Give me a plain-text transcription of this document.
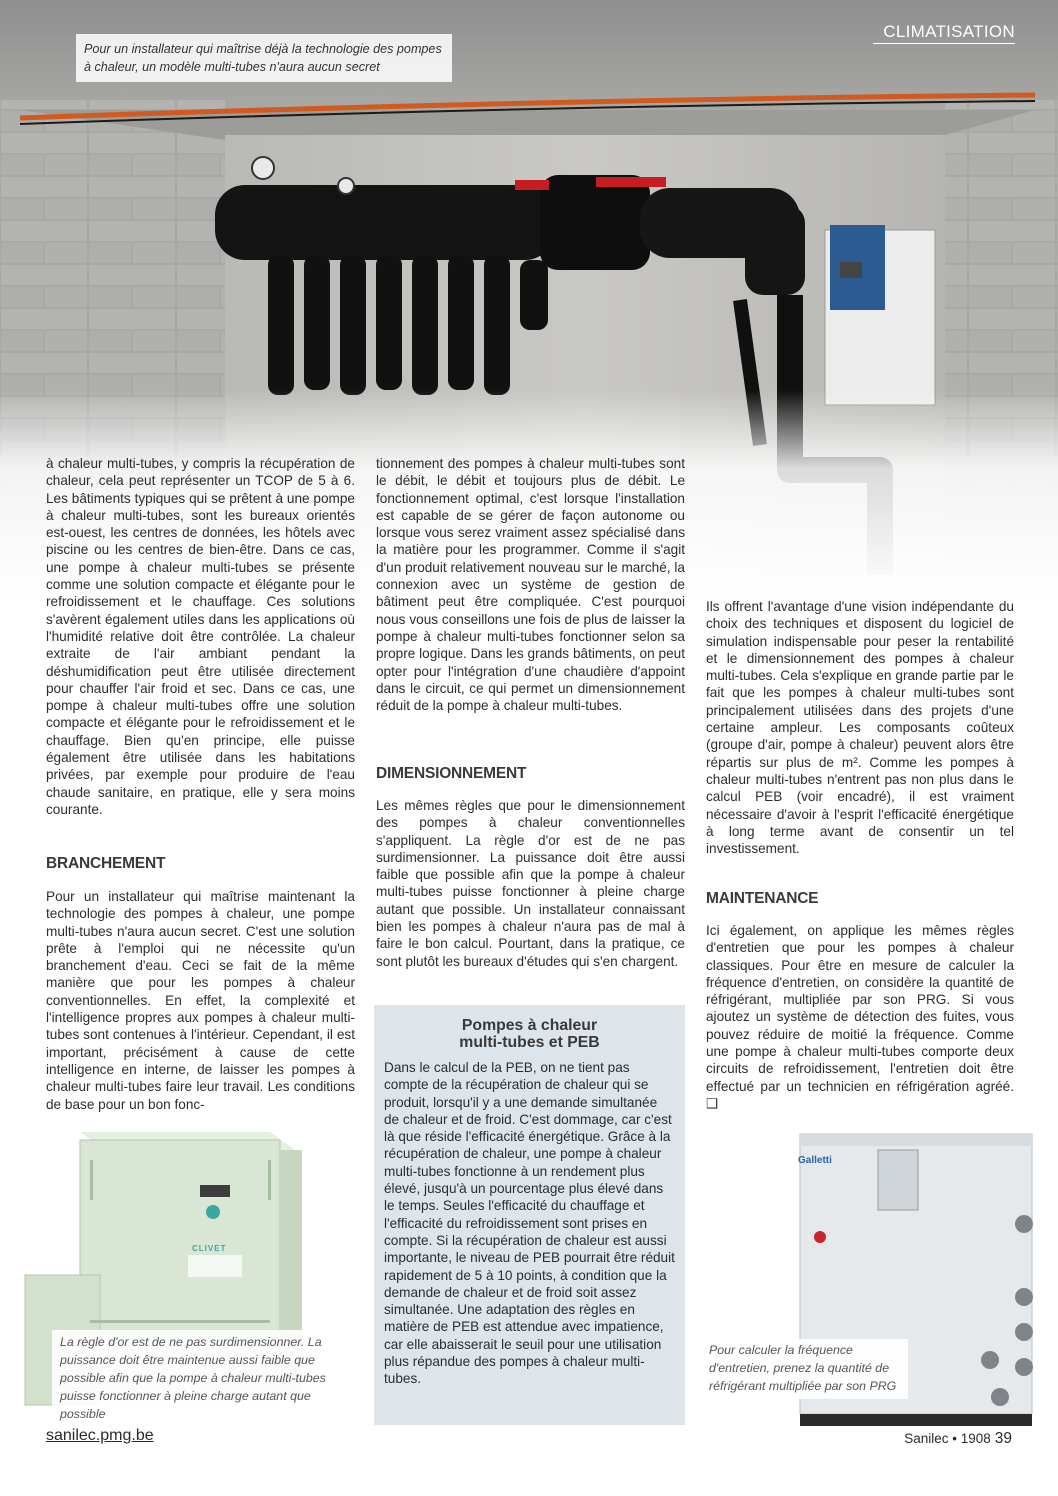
CLIMATISATION
Pour un installateur qui maîtrise déjà la technologie des pompes à chaleur, un modèle multi-tubes n'aura aucun secret

à chaleur multi-tubes, y compris la récupération de chaleur, cela peut représenter un TCOP de 5 à 6. Les bâtiments typiques qui se prêtent à une pompe à chaleur multi-tubes, sont les bureaux orientés est-ouest, les centres de données, les hôtels avec piscine ou les centres de bien-être. Dans ce cas, une pompe à chaleur multi-tubes se présente comme une solution compacte et élégante pour le refroidissement et le chauffage. Ces solutions s'avèrent également utiles dans les applications où l'humidité relative doit être contrôlée. La chaleur extraite de l'air ambiant pendant la déshumidification peut être utilisée directement pour chauffer l'air froid et sec. Dans ce cas, une pompe à chaleur multi-tubes offre une solution compacte et élégante pour le refroidissement et le chauffage. Bien qu'en principe, elle puisse également être utilisée dans les habitations privées, par exemple pour produire de l'eau chaude sanitaire, en pratique, elle y sera moins courante.

BRANCHEMENT

Pour un installateur qui maîtrise maintenant la technologie des pompes à chaleur, une pompe multi-tubes n'aura aucun secret. C'est une solution prête à l'emploi qui ne nécessite qu'un branchement d'eau. Ceci se fait de la même manière que pour les pompes à chaleur conventionnelles. En effet, la complexité et l'intelligence propres aux pompes à chaleur multi-tubes sont contenues à l'intérieur. Cependant, il est important, précisément à cause de cette intelligence en interne, de laisser les pompes à chaleur multi-tubes faire leur travail. Les conditions de base pour un bon fonc-

tionnement des pompes à chaleur multi-tubes sont le débit, le débit et toujours plus de débit. Le fonctionnement optimal, c'est lorsque l'installation est capable de se gérer de façon autonome ou lorsque vous serez vraiment assez spécialisé dans la matière pour les programmer. Comme il s'agit d'un produit relativement nouveau sur le marché, la connexion avec un système de gestion de bâtiment peut être compliquée. C'est pourquoi nous vous conseillons une fois de plus de laisser la pompe à chaleur multi-tubes fonctionner selon sa propre logique. Dans les grands bâtiments, on peut opter pour l'intégration d'une chaudière d'appoint dans le circuit, ce qui permet un dimensionnement réduit de la pompe à chaleur multi-tubes.

DIMENSIONNEMENT

Les mêmes règles que pour le dimensionnement des pompes à chaleur conventionnelles s'appliquent. La règle d'or est de ne pas surdimensionner. La puissance doit être aussi faible que possible afin que la pompe à chaleur multi-tubes puisse fonctionner à pleine charge autant que possible. Un installateur connaissant bien les pompes à chaleur n'aura pas de mal à faire le bon calcul. Pourtant, dans la pratique, ce sont plutôt les bureaux d'études qui s'en chargent.

Ils offrent l'avantage d'une vision indépendante du choix des techniques et disposent du logiciel de simulation indispensable pour peser la rentabilité et le dimensionnement des pompes à chaleur multi-tubes. Cela s'explique en grande partie par le fait que les pompes à chaleur multi-tubes sont principalement utilisées dans des projets d'une certaine ampleur. Les composants coûteux (groupe d'air, pompe à chaleur) peuvent alors être répartis sur plus de m². Comme les pompes à chaleur multi-tubes n'entrent pas non plus dans le calcul PEB (voir encadré), il est vraiment nécessaire d'avoir à l'esprit l'efficacité énergétique à long terme avant de consentir un tel investissement.

MAINTENANCE

Ici également, on applique les mêmes règles d'entretien que pour les pompes à chaleur classiques. Pour être en mesure de calculer la fréquence d'entretien, on considère la quantité de réfrigérant, multipliée par son PRG. Si vous ajoutez un système de détection des fuites, vous pouvez réduire de moitié la fréquence. Comme une pompe à chaleur multi-tubes comporte deux circuits de refroidissement, l'entretien doit être effectué par un technicien en réfrigération agréé. ❑

Pompes à chaleur multi-tubes et PEB
Dans le calcul de la PEB, on ne tient pas compte de la récupération de chaleur qui se produit, lorsqu'il y a une demande simultanée de chaleur et de froid. C'est dommage, car c'est là que réside l'efficacité énergétique. Grâce à la récupération de chaleur, une pompe à chaleur multi-tubes fonctionne à un rendement plus élevé, jusqu'à un pourcentage plus élevé dans le temps. Seules l'efficacité du chauffage et l'efficacité du refroidissement sont prises en compte. Si la récupération de chaleur est aussi importante, le niveau de PEB pourrait être réduit rapidement de 5 à 10 points, à condition que la demande de chaleur et de froid soit assez simultanée. Une adaptation des règles en matière de PEB est attendue avec impatience, car elle abaisserait le seuil pour une utilisation plus répandue des pompes à chaleur multi-tubes.
CLIVET
La règle d'or est de ne pas surdimensionner. La puissance doit être maintenue aussi faible que possible afin que la pompe à chaleur multi-tubes puisse fonctionner à pleine charge autant que possible
Galletti
Pour calculer la fréquence d'entretien, prenez la quantité de réfrigérant multipliée par son PRG
sanilec.pmg.be	Sanilec • 1908 39
